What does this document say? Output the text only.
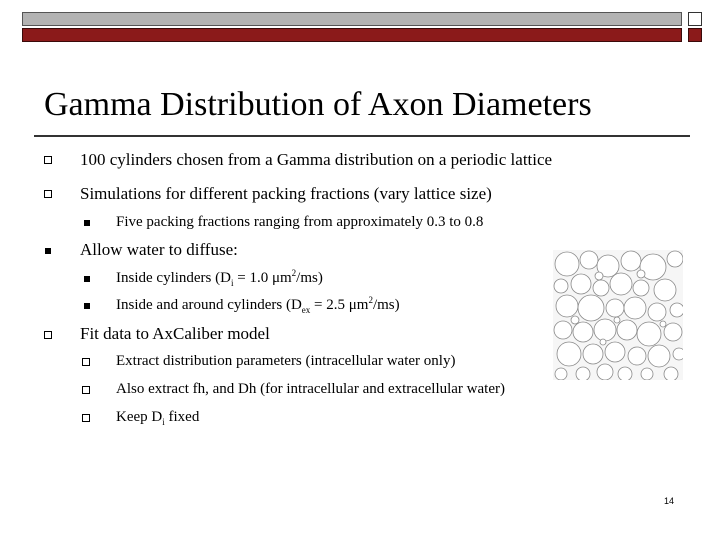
Gamma Distribution of Axon Diameters
100 cylinders chosen from a Gamma distribution on a periodic lattice
Simulations for different packing fractions (vary lattice size)
Five packing fractions ranging from approximately 0.3 to 0.8
Allow water to diffuse:
Inside cylinders ($D_i = 1.0$ $\mu m^2/ms$)
Inside and around cylinders ($D_{ex} = 2.5$ $\mu m^2/ms$)
Fit data to AxCaliber model
Extract distribution parameters (intracellular water only)
Also extract fh, and Dh (for intracellular and extracellular water)
Keep $D_i$ fixed
14
